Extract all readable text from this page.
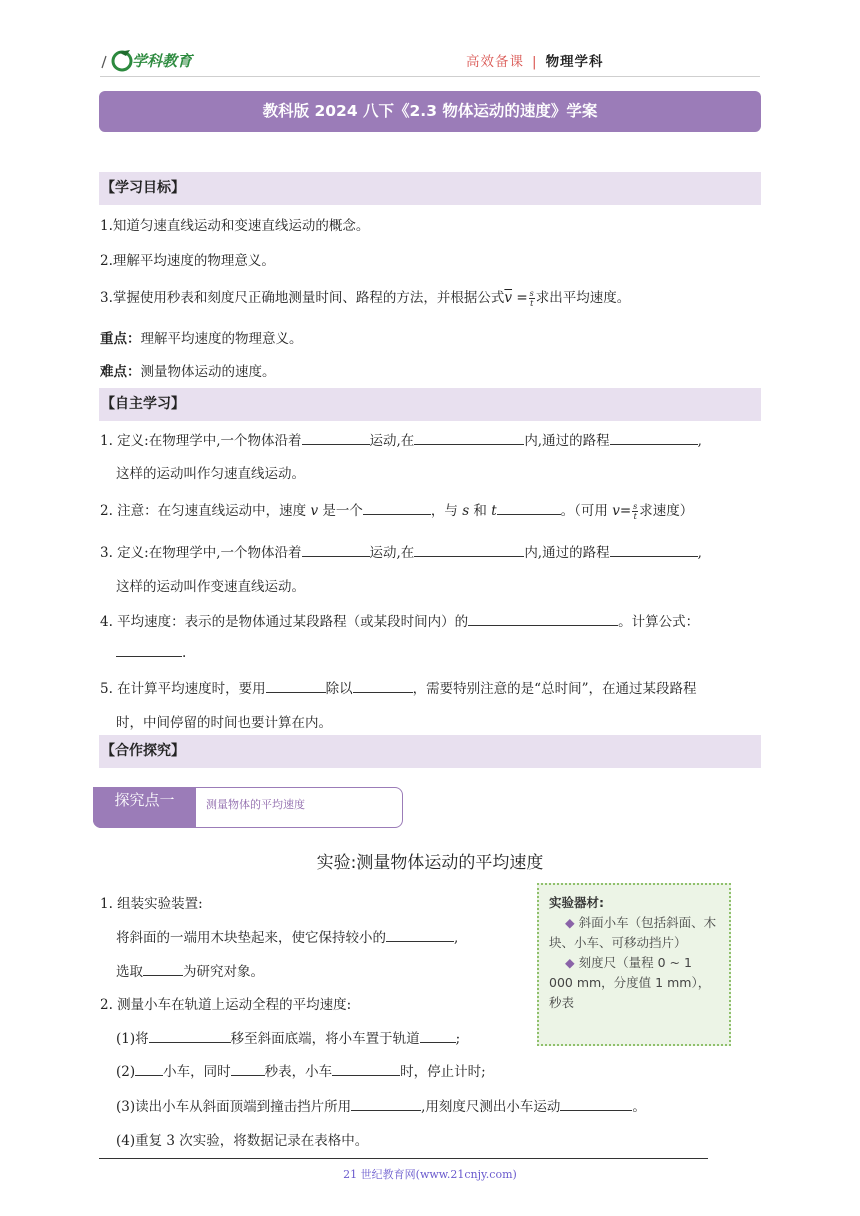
学科教育	高效备课 | 物理学科
教科版 2024 八下《2.3 物体运动的速度》学案
【学习目标】
1.知道匀速直线运动和变速直线运动的概念。
2.理解平均速度的物理意义。
3.掌握使用秒表和刻度尺正确地测量时间、路程的方法，并根据公式$\overline{v} = \frac{s}{t}$ 求出平均速度。
重点：理解平均速度的物理意义。
难点：测量物体运动的速度。
【自主学习】
1. 定义:在物理学中,一个物体沿着	运动,在	内,通过的路程	,
这样的运动叫作匀速直线运动。
2. 注意：在匀速直线运动中，速度 v 是一个	，与 s 和 t	。（可用 $v= \frac{s}{t}$ 求速度）
3. 定义:在物理学中,一个物体沿着	运动,在	内,通过的路程	,
这样的运动叫作变速直线运动。
4. 平均速度：表示的是物体通过某段路程（或某段时间内）的	。计算公式：
.
5. 在计算平均速度时，要用	除以	，需要特别注意的是“总时间”，在通过某段路程
时，中间停留的时间也要计算在内。
【合作探究】
探究点一	测量物体的平均速度
实验:测量物体运动的平均速度
1. 组装实验装置:
将斜面的一端用木块垫起来，使它保持较小的	,
选取	为研究对象。
2. 测量小车在轨道上运动全程的平均速度:
(1)将	移至斜面底端，将小车置于轨道	;
(2) 小车，同时	秒表，小车	时，停止计时;
(3)读出小车从斜面顶端到撞击挡片所用	,用刻度尺测出小车运动	。
(4)重复 3 次实验，将数据记录在表格中。
实验器材:
◆ 斜面小车（包括斜面、木块、小车、可移动挡片）
◆ 刻度尺（量程 0 ~ 1 000 mm，分度值 1 mm），秒表
21 世纪教育网(www.21cnjy.com)
